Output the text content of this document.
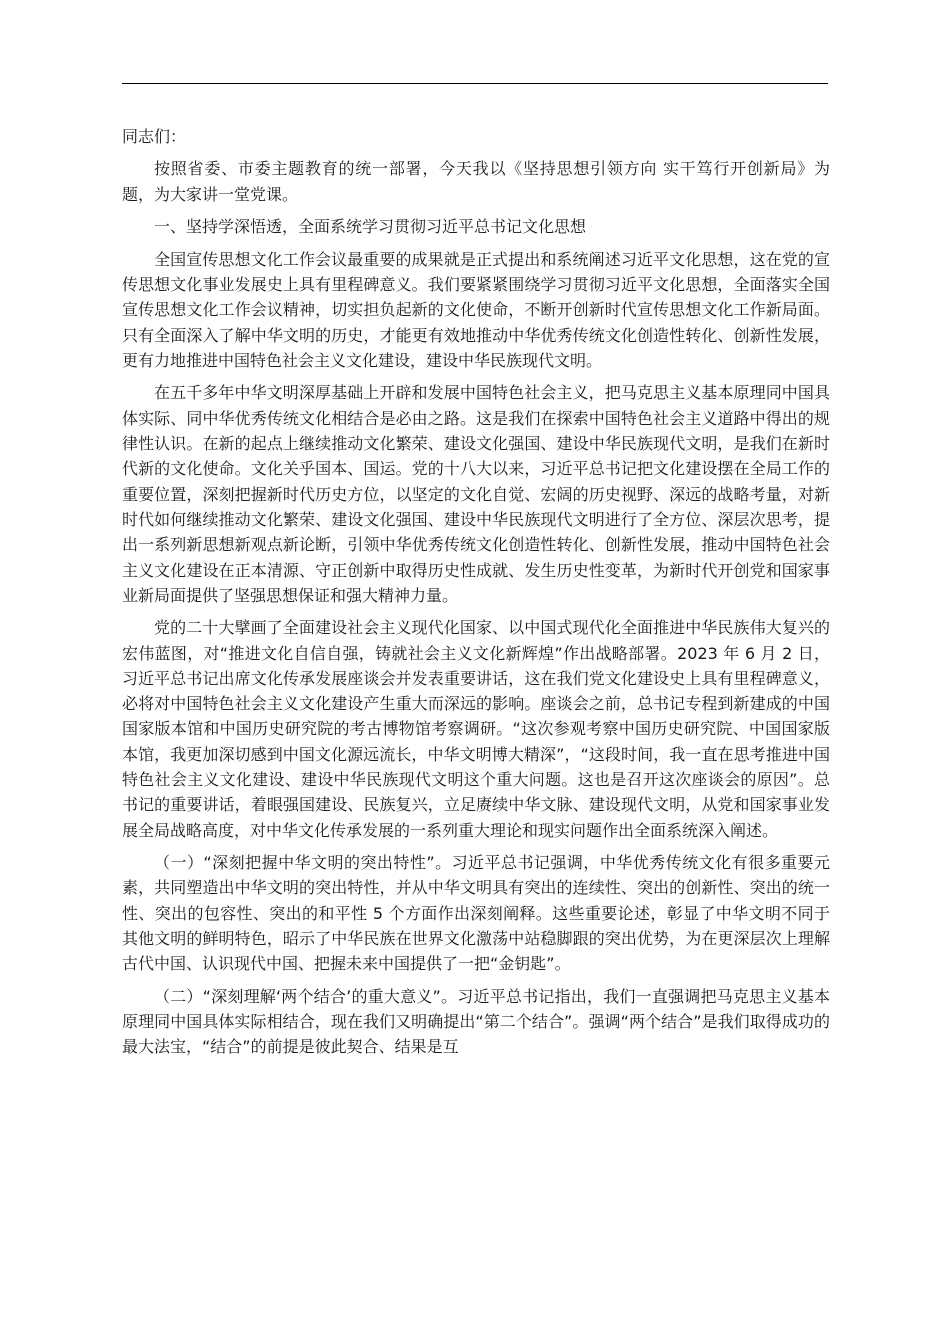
同志们：

按照省委、市委主题教育的统一部署，今天我以《坚持思想引领方向 实干笃行开创新局》为题，为大家讲一堂党课。

一、坚持学深悟透，全面系统学习贯彻习近平总书记文化思想

全国宣传思想文化工作会议最重要的成果就是正式提出和系统阐述习近平文化思想，这在党的宣传思想文化事业发展史上具有里程碑意义。我们要紧紧围绕学习贯彻习近平文化思想，全面落实全国宣传思想文化工作会议精神，切实担负起新的文化使命，不断开创新时代宣传思想文化工作新局面。只有全面深入了解中华文明的历史，才能更有效地推动中华优秀传统文化创造性转化、创新性发展，更有力地推进中国特色社会主义文化建设，建设中华民族现代文明。

在五千多年中华文明深厚基础上开辟和发展中国特色社会主义，把马克思主义基本原理同中国具体实际、同中华优秀传统文化相结合是必由之路。这是我们在探索中国特色社会主义道路中得出的规律性认识。在新的起点上继续推动文化繁荣、建设文化强国、建设中华民族现代文明，是我们在新时代新的文化使命。文化关乎国本、国运。党的十八大以来，习近平总书记把文化建设摆在全局工作的重要位置，深刻把握新时代历史方位，以坚定的文化自觉、宏阔的历史视野、深远的战略考量，对新时代如何继续推动文化繁荣、建设文化强国、建设中华民族现代文明进行了全方位、深层次思考，提出一系列新思想新观点新论断，引领中华优秀传统文化创造性转化、创新性发展，推动中国特色社会主义文化建设在正本清源、守正创新中取得历史性成就、发生历史性变革，为新时代开创党和国家事业新局面提供了坚强思想保证和强大精神力量。

党的二十大擘画了全面建设社会主义现代化国家、以中国式现代化全面推进中华民族伟大复兴的宏伟蓝图，对“推进文化自信自强，铸就社会主义文化新辉煌”作出战略部署。2023 年 6 月 2 日，习近平总书记出席文化传承发展座谈会并发表重要讲话，这在我们党文化建设史上具有里程碑意义，必将对中国特色社会主义文化建设产生重大而深远的影响。座谈会之前，总书记专程到新建成的中国国家版本馆和中国历史研究院的考古博物馆考察调研。“这次参观考察中国历史研究院、中国国家版本馆，我更加深切感到中国文化源远流长，中华文明博大精深”，“这段时间，我一直在思考推进中国特色社会主义文化建设、建设中华民族现代文明这个重大问题。这也是召开这次座谈会的原因”。总书记的重要讲话，着眼强国建设、民族复兴，立足赓续中华文脉、建设现代文明，从党和国家事业发展全局战略高度，对中华文化传承发展的一系列重大理论和现实问题作出全面系统深入阐述。

（一）“深刻把握中华文明的突出特性”。习近平总书记强调，中华优秀传统文化有很多重要元素，共同塑造出中华文明的突出特性，并从中华文明具有突出的连续性、突出的创新性、突出的统一性、突出的包容性、突出的和平性 5 个方面作出深刻阐释。这些重要论述，彰显了中华文明不同于其他文明的鲜明特色，昭示了中华民族在世界文化激荡中站稳脚跟的突出优势，为在更深层次上理解古代中国、认识现代中国、把握未来中国提供了一把“金钥匙”。

（二）“深刻理解‘两个结合’的重大意义”。习近平总书记指出，我们一直强调把马克思主义基本原理同中国具体实际相结合，现在我们又明确提出“第二个结合”。强调“两个结合”是我们取得成功的最大法宝，“结合”的前提是彼此契合、结果是互
